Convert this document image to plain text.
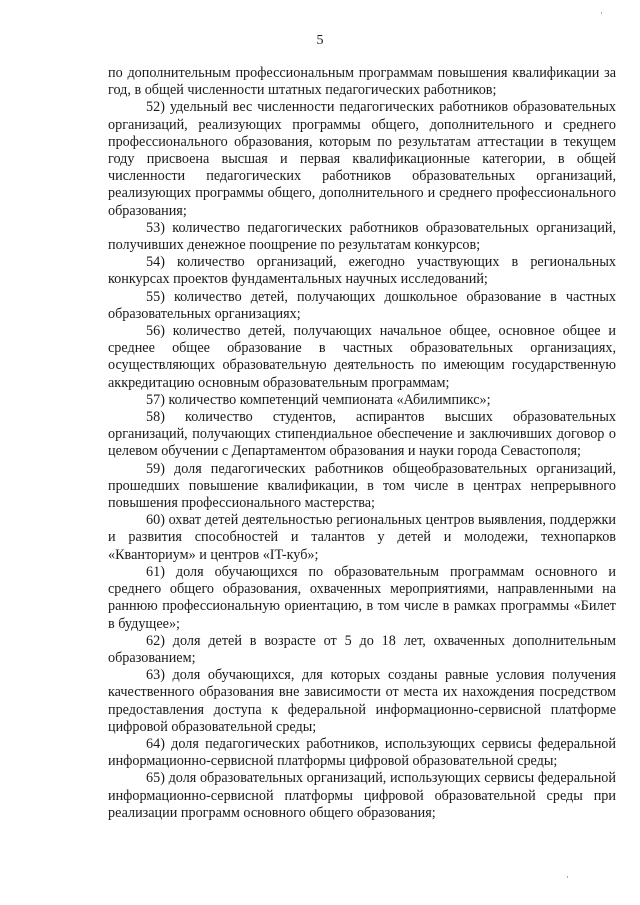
5

по дополнительным профессиональным программам повышения квалификации за год, в общей численности штатных педагогических работников;

52) удельный вес численности педагогических работников образовательных организаций, реализующих программы общего, дополнительного и среднего профессионального образования, которым по результатам аттестации в текущем году присвоена высшая и первая квалификационные категории, в общей численности педагогических работников образовательных организаций, реализующих программы общего, дополнительного и среднего профессионального образования;

53) количество педагогических работников образовательных организаций, получивших денежное поощрение по результатам конкурсов;

54) количество организаций, ежегодно участвующих в региональных конкурсах проектов фундаментальных научных исследований;

55) количество детей, получающих дошкольное образование в частных образовательных организациях;

56) количество детей, получающих начальное общее, основное общее и среднее общее образование в частных образовательных организациях, осуществляющих образовательную деятельность по имеющим государственную аккредитацию основным образовательным программам;

57) количество компетенций чемпионата «Абилимпикс»;

58) количество студентов, аспирантов высших образовательных организаций, получающих стипендиальное обеспечение и заключивших договор о целевом обучении с Департаментом образования и науки города Севастополя;

59) доля педагогических работников общеобразовательных организаций, прошедших повышение квалификации, в том числе в центрах непрерывного повышения профессионального мастерства;

60) охват детей деятельностью региональных центров выявления, поддержки и развития способностей и талантов у детей и молодежи, технопарков «Кванториум» и центров «IT-куб»;

61) доля обучающихся по образовательным программам основного и среднего общего образования, охваченных мероприятиями, направленными на раннюю профессиональную ориентацию, в том числе в рамках программы «Билет в будущее»;

62) доля детей в возрасте от 5 до 18 лет, охваченных дополнительным образованием;

63) доля обучающихся, для которых созданы равные условия получения качественного образования вне зависимости от места их нахождения посредством предоставления доступа к федеральной информационно-сервисной платформе цифровой образовательной среды;

64) доля педагогических работников, использующих сервисы федеральной информационно-сервисной платформы цифровой образовательной среды;

65) доля образовательных организаций, использующих сервисы федеральной информационно-сервисной платформы цифровой образовательной среды при реализации программ основного общего образования;

·
·
